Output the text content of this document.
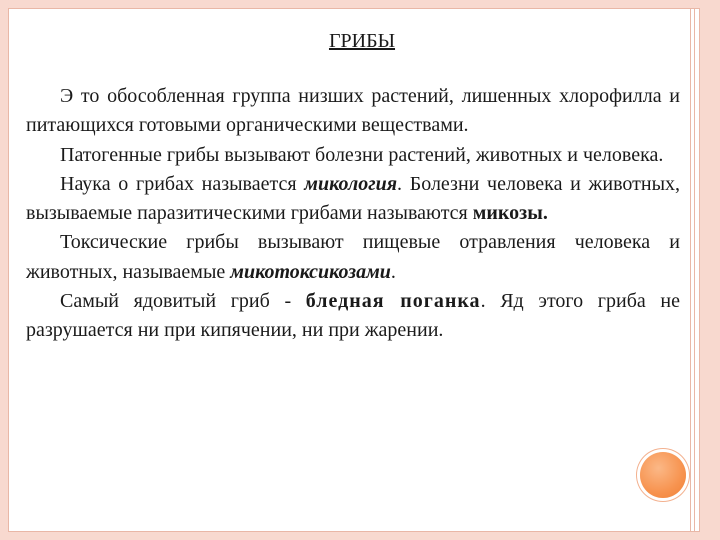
ГРИБЫ

Э то обособленная группа низших растений, лишенных хлорофилла и питающихся готовыми органическими веществами.

Патогенные грибы вызывают болезни растений, животных и человека.

Наука о грибах называется микология. Болезни человека и животных, вызываемые паразитическими грибами называются микозы.

Токсические грибы вызывают пищевые отравления человека и животных, называемые микотоксикозами.

Самый ядовитый гриб - бледная поганка. Яд этого гриба не разрушается ни при кипячении, ни при жарении.
